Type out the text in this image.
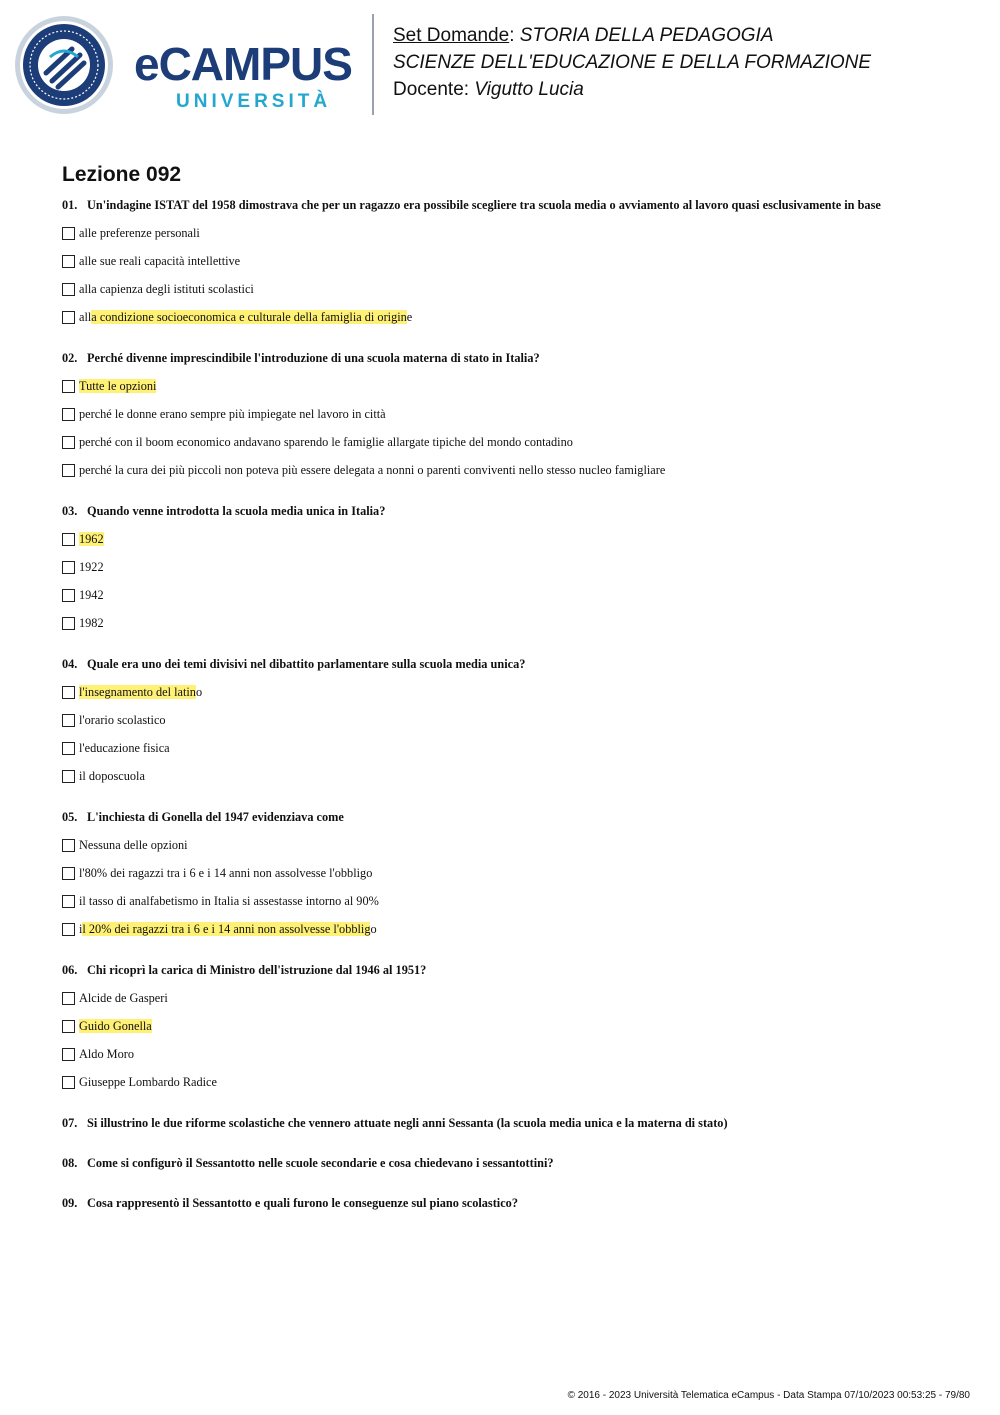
eCAMPUS
UNIVERSITÀ
Set Domande: STORIA DELLA PEDAGOGIA
SCIENZE DELL'EDUCAZIONE E DELLA FORMAZIONE
Docente: Vigutto Lucia
Lezione 092
01. Un'indagine ISTAT del 1958 dimostrava che per un ragazzo era possibile scegliere tra scuola media o avviamento al lavoro quasi esclusivamente in base
alle preferenze personali
alle sue reali capacità intellettive
alla capienza degli istituti scolastici
alla condizione socioeconomica e culturale della famiglia di origine
02. Perché divenne imprescindibile l'introduzione di una scuola materna di stato in Italia?
Tutte le opzioni
perché le donne erano sempre più impiegate nel lavoro in città
perché con il boom economico andavano sparendo le famiglie allargate tipiche del mondo contadino
perché la cura dei più piccoli non poteva più essere delegata a nonni o parenti conviventi nello stesso nucleo famigliare
03. Quando venne introdotta la scuola media unica in Italia?
1962
1922
1942
1982
04. Quale era uno dei temi divisivi nel dibattito parlamentare sulla scuola media unica?
l'insegnamento del latino
l'orario scolastico
l'educazione fisica
il doposcuola
05. L'inchiesta di Gonella del 1947 evidenziava come
Nessuna delle opzioni
l'80% dei ragazzi tra i 6 e i 14 anni non assolvesse l'obbligo
il tasso di analfabetismo in Italia si assestasse intorno al 90%
il 20% dei ragazzi tra i 6 e i 14 anni non assolvesse l'obbligo
06. Chi ricoprì la carica di Ministro dell'istruzione dal 1946 al 1951?
Alcide de Gasperi
Guido Gonella
Aldo Moro
Giuseppe Lombardo Radice
07. Si illustrino le due riforme scolastiche che vennero attuate negli anni Sessanta (la scuola media unica e la materna di stato)
08. Come si configurò il Sessantotto nelle scuole secondarie e cosa chiedevano i sessantottini?
09. Cosa rappresentò il Sessantotto e quali furono le conseguenze sul piano scolastico?
© 2016 - 2023 Università Telematica eCampus - Data Stampa 07/10/2023 00:53:25 - 79/80
